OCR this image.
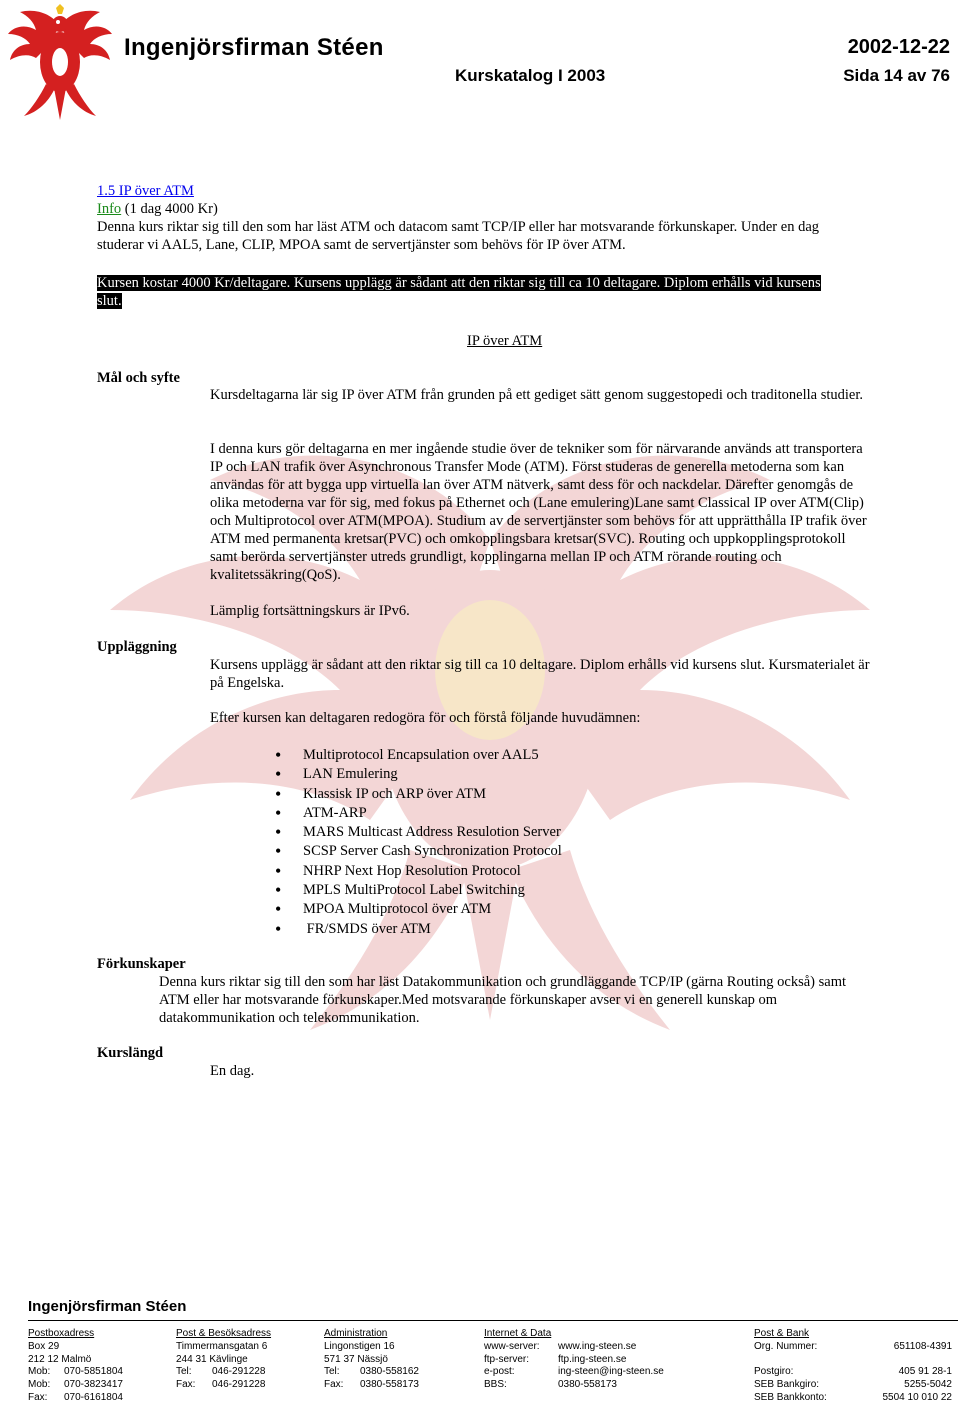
Ingenjörsfirman Stéen	2002-12-22
Kurskatalog I 2003	Sida 14 av 76
1.5 IP över ATM
Info (1 dag 4000 Kr)
Denna kurs riktar sig till den som har läst ATM och datacom samt TCP/IP eller har motsvarande förkunskaper. Under en dag
studerar vi AAL5, Lane, CLIP, MPOA samt de servertjänster som behövs för IP över ATM.
Kursen kostar 4000 Kr/deltagare. Kursens upplägg är sådant att den riktar sig till ca 10 deltagare. Diplom erhålls vid kursens
slut.
IP över ATM
Mål och syfte
Kursdeltagarna lär sig IP över ATM från grunden på ett gediget sätt genom suggestopedi och traditonella studier.
I denna kurs gör deltagarna en mer ingående studie över de tekniker som för närvarande används att transportera IP och LAN trafik över Asynchronous Transfer Mode (ATM). Först studeras de generella metoderna som kan användas för att bygga upp virtuella lan över ATM nätverk, samt dess för och nackdelar. Därefter genomgås de olika metoderna var för sig, med fokus på Ethernet och (Lane emulering)Lane samt Classical IP over ATM(Clip) och Multiprotocol over ATM(MPOA). Studium av de servertjänster som behövs för att upprätthålla IP trafik över ATM med permanenta kretsar(PVC) och omkopplingsbara kretsar(SVC). Routing och uppkopplingsprotokoll samt berörda servertjänster utreds grundligt, kopplingarna mellan IP och ATM rörande routing och kvalitetssäkring(QoS).
Lämplig fortsättningskurs är IPv6.
Uppläggning
Kursens upplägg är sådant att den riktar sig till ca 10 deltagare. Diplom erhålls vid kursens slut. Kursmaterialet är på Engelska.
Efter kursen kan deltagaren redogöra för och förstå följande huvudämnen:
• Multiprotocol Encapsulation over AAL5
• LAN Emulering
• Klassisk IP och ARP över ATM
• ATM-ARP
• MARS Multicast Address Resulotion Server
• SCSP Server Cash Synchronization Protocol
• NHRP Next Hop Resolution Protocol
• MPLS MultiProtocol Label Switching
• MPOA Multiprotocol över ATM
•  FR/SMDS över ATM
Förkunskaper
Denna kurs riktar sig till den som har läst Datakommunikation och grundläggande TCP/IP (gärna Routing också) samt ATM eller har motsvarande förkunskaper.Med motsvarande förkunskaper avser vi en generell kunskap om datakommunikation och telekommunikation.
Kurslängd
En dag.
Ingenjörsfirman Stéen
Postboxadress
Box 29
212 12 Malmö
Mob:	070-5851804
Mob:	070-3823417
Fax:	070-6161804
Post & Besöksadress
Timmermansgatan 6
244 31 Kävlinge
Tel:	046-291228
Fax:	046-291228
Administration
Lingonstigen 16
571 37 Nässjö
Tel:	0380-558162
Fax:	0380-558173
Internet & Data
www-server:	www.ing-steen.se
ftp-server:	ftp.ing-steen.se
e-post:	ing-steen@ing-steen.se
BBS:	0380-558173
Post & Bank
Org. Nummer:	651108-4391
Postgiro:	405 91 28-1
SEB Bankgiro:	5255-5042
SEB Bankkonto:	5504 10 010 22
